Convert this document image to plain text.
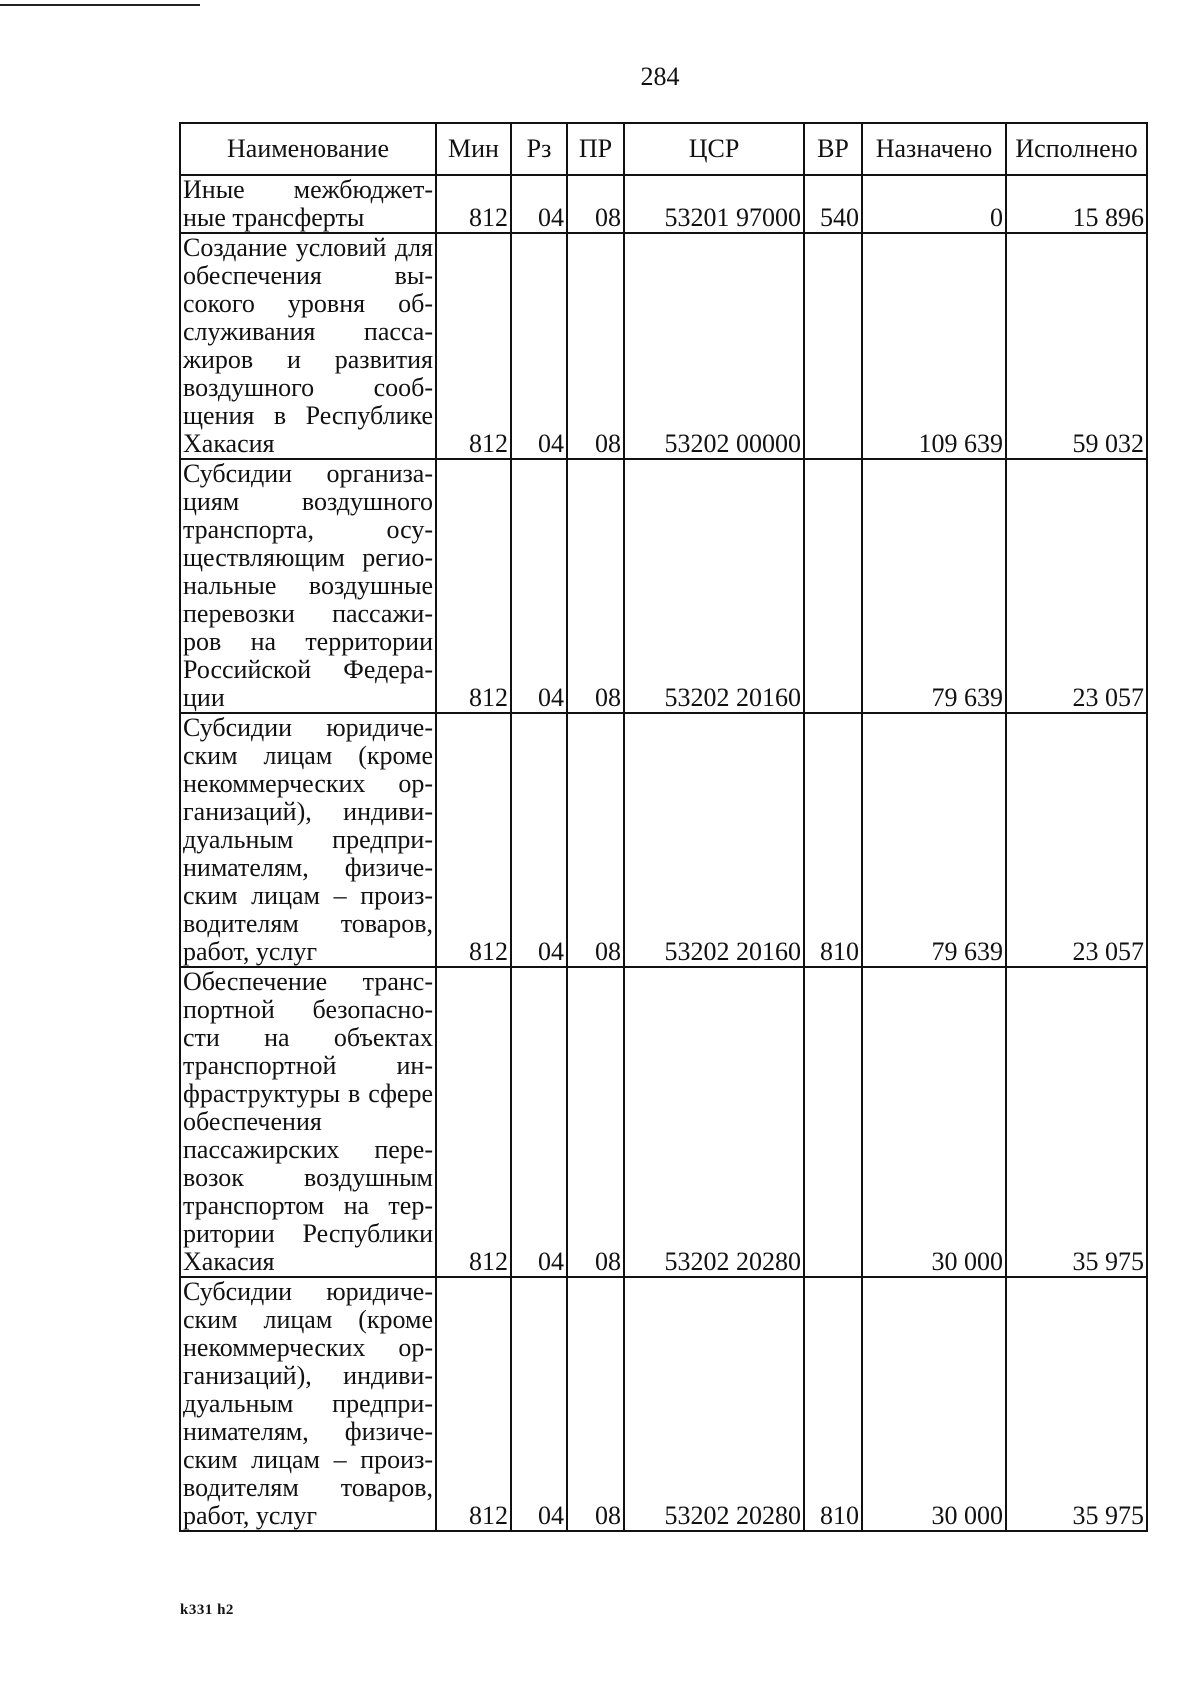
284
Наименование	Мин	Рз	ПР	ЦСР	ВР	Назначено	Исполнено
Иные межбюджет-ные трансферты	812	04	08	53201 97000	540	0	15 896
Создание условий для обеспечения вы-сокого уровня об-служивания пасса-жиров и развития воздушного сооб-щения в Республике Хакасия	812	04	08	53202 00000		109 639	59 032
Субсидии организа-циям воздушного транспорта, осу-ществляющим регио-нальные воздушные перевозки пассажи-ров на территории Российской Федера-ции	812	04	08	53202 20160		79 639	23 057
Субсидии юридиче-ским лицам (кроме некоммерческих ор-ганизаций), индиви-дуальным предпри-нимателям, физиче-ским лицам – произ-водителям товаров, работ, услуг	812	04	08	53202 20160	810	79 639	23 057
Обеспечение транс-портной безопасно-сти на объектах транспортной ин-фраструктуры в сфере обеспечения пассажирских пере-возок воздушным транспортом на тер-ритории Республики Хакасия	812	04	08	53202 20280		30 000	35 975
Субсидии юридиче-ским лицам (кроме некоммерческих ор-ганизаций), индиви-дуальным предпри-нимателям, физиче-ским лицам – произ-водителям товаров, работ, услуг	812	04	08	53202 20280	810	30 000	35 975
k331 h2
